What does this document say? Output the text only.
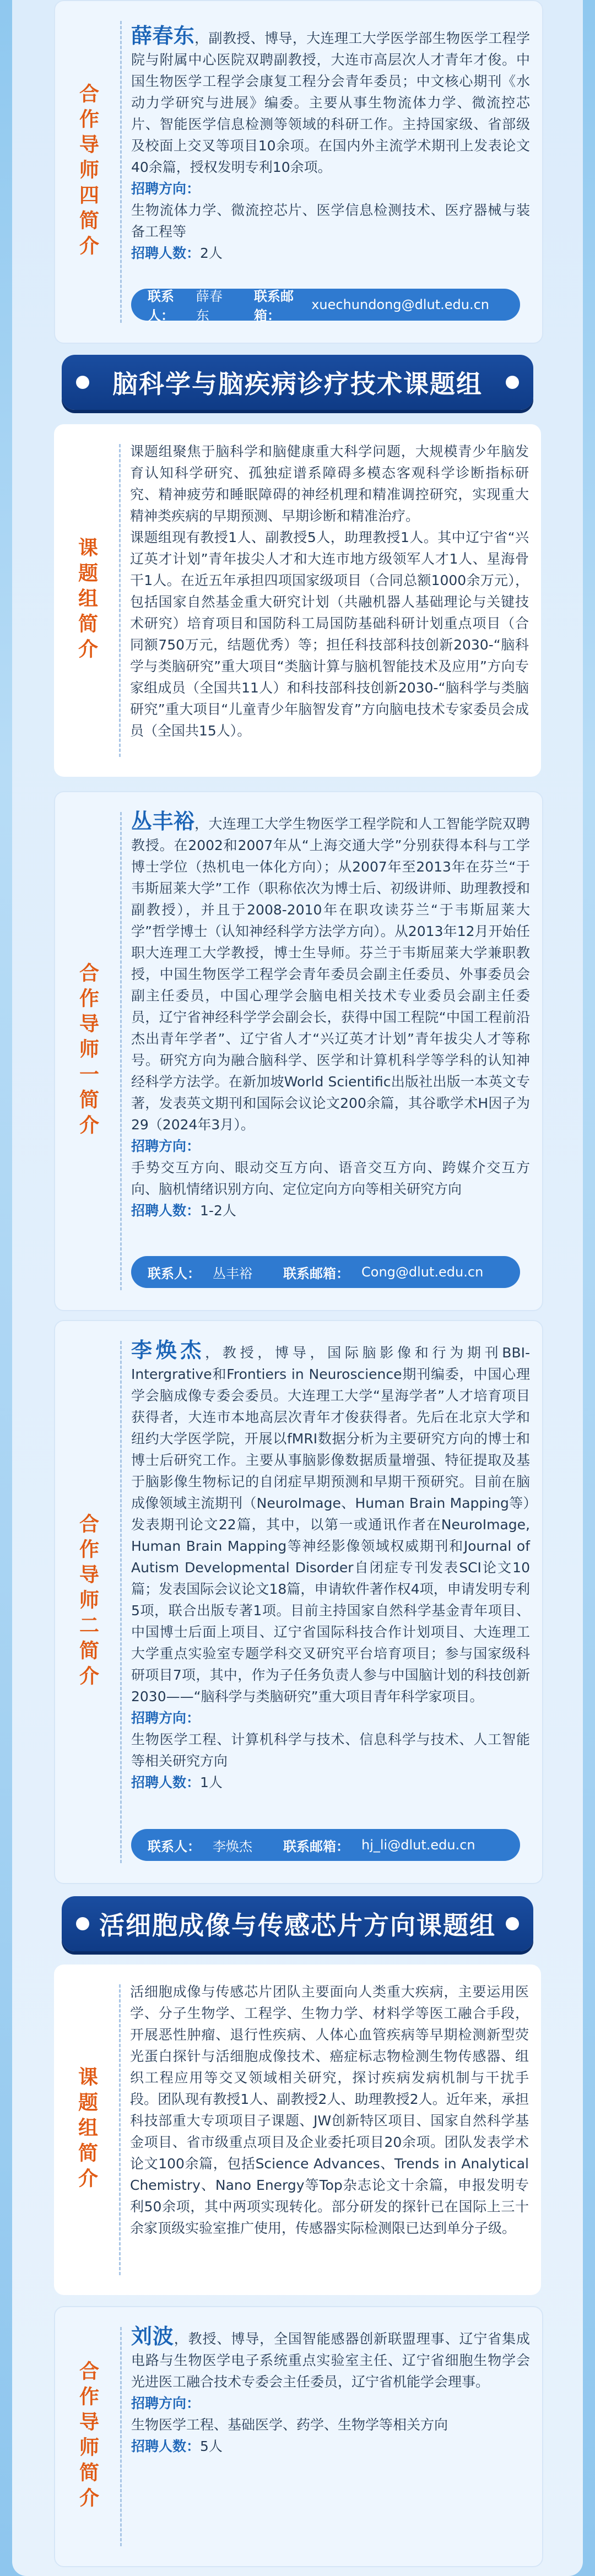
合作导师四简介

薛春东，副教授、博导，大连理工大学医学部生物医学工程学院与附属中心医院双聘副教授，大连市高层次人才青年才俊。中国生物医学工程学会康复工程分会青年委员；中文核心期刊《水动力学研究与进展》编委。主要从事生物流体力学、微流控芯片、智能医学信息检测等领域的科研工作。主持国家级、省部级及校面上交叉等项目10余项。在国内外主流学术期刊上发表论文40余篇，授权发明专利10余项。

招聘方向：

生物流体力学、微流控芯片、医学信息检测技术、医疗器械与装备工程等

招聘人数：2人

联系人：
薛春东
联系邮箱：
xuechundong@dlut.edu.cn
脑科学与脑疾病诊疗技术课题组
课题组简介

课题组聚焦于脑科学和脑健康重大科学问题，大规模青少年脑发育认知科学研究、孤独症谱系障碍多模态客观科学诊断指标研究、精神疲劳和睡眠障碍的神经机理和精准调控研究，实现重大精神类疾病的早期预测、早期诊断和精准治疗。

课题组现有教授1人、副教授5人，助理教授1人。其中辽宁省“兴辽英才计划”青年拔尖人才和大连市地方级领军人才1人、星海骨干1人。在近五年承担四项国家级项目（合同总额1000余万元），包括国家自然基金重大研究计划（共融机器人基础理论与关键技术研究）培育项目和国防科工局国防基础科研计划重点项目（合同额750万元，结题优秀）等；担任科技部科技创新2030-“脑科学与类脑研究”重大项目“类脑计算与脑机智能技术及应用”方向专家组成员（全国共11人）和科技部科技创新2030-“脑科学与类脑研究”重大项目“儿童青少年脑智发育”方向脑电技术专家委员会成员（全国共15人）。

合作导师一简介

丛丰裕，大连理工大学生物医学工程学院和人工智能学院双聘教授。在2002和2007年从“上海交通大学”分别获得本科与工学博士学位（热机电一体化方向）；从2007年至2013年在芬兰“于韦斯屈莱大学”工作（职称依次为博士后、初级讲师、助理教授和副教授），并且于2008-2010年在职攻读芬兰“于韦斯屈莱大学”哲学博士（认知神经科学方法学方向）。从2013年12月开始任职大连理工大学教授，博士生导师。芬兰于韦斯屈莱大学兼职教授，中国生物医学工程学会青年委员会副主任委员、外事委员会副主任委员，中国心理学会脑电相关技术专业委员会副主任委员，辽宁省神经科学学会副会长，获得中国工程院“中国工程前沿杰出青年学者”、辽宁省人才“兴辽英才计划”青年拔尖人才等称号。研究方向为融合脑科学、医学和计算机科学等学科的认知神经科学方法学。在新加坡World Scientific出版社出版一本英文专著，发表英文期刊和国际会议论文200余篇，其谷歌学术H因子为29（2024年3月）。

招聘方向：

手势交互方向、眼动交互方向、语音交互方向、跨媒介交互方向、脑机情绪识别方向、定位定向方向等相关研究方向

招聘人数：1-2人

联系人： 丛丰裕 联系邮箱： Cong@dlut.edu.cn
合作导师二简介

李焕杰，教授，博导，国际脑影像和行为期刊BBI-Intergrative和Frontiers in Neuroscience期刊编委，中国心理学会脑成像专委会委员。大连理工大学“星海学者”人才培育项目获得者，大连市本地高层次青年才俊获得者。先后在北京大学和纽约大学医学院，开展以fMRI数据分析为主要研究方向的博士和博士后研究工作。主要从事脑影像数据质量增强、特征提取及基于脑影像生物标记的自闭症早期预测和早期干预研究。目前在脑成像领域主流期刊（NeuroImage、Human Brain Mapping等）发表期刊论文22篇，其中，以第一或通讯作者在NeuroImage, Human Brain Mapping等神经影像领域权威期刊和Journal of Autism Developmental Disorder自闭症专刊发表SCI论文10篇；发表国际会议论文18篇，申请软件著作权4项，申请发明专利5项，联合出版专著1项。目前主持国家自然科学基金青年项目、中国博士后面上项目、辽宁省国际科技合作计划项目、大连理工大学重点实验室专题学科交叉研究平台培育项目；参与国家级科研项目7项，其中，作为子任务负责人参与中国脑计划的科技创新2030——“脑科学与类脑研究”重大项目青年科学家项目。

招聘方向：

生物医学工程、计算机科学与技术、信息科学与技术、人工智能等相关研究方向

招聘人数：1人

联系人： 李焕杰 联系邮箱： hj_li@dlut.edu.cn
活细胞成像与传感芯片方向课题组
课题组简介

活细胞成像与传感芯片团队主要面向人类重大疾病，主要运用医学、分子生物学、工程学、生物力学、材料学等医工融合手段，开展恶性肿瘤、退行性疾病、人体心血管疾病等早期检测新型荧光蛋白探针与活细胞成像技术、癌症标志物检测生物传感器、组织工程应用等交叉领域相关研究，探讨疾病发病机制与干扰手段。团队现有教授1人、副教授2人、助理教授2人。近年来，承担科技部重大专项项目子课题、JW创新特区项目、国家自然科学基金项目、省市级重点项目及企业委托项目20余项。团队发表学术论文100余篇，包括Science Advances、Trends in Analytical Chemistry、Nano Energy等Top杂志论文十余篇，申报发明专利50余项，其中两项实现转化。部分研发的探针已在国际上三十余家顶级实验室推广使用，传感器实际检测限已达到单分子级。

合作导师简介

刘波，教授、博导，全国智能感器创新联盟理事、辽宁省集成电路与生物医学电子系统重点实验室主任、辽宁省细胞生物学会光进医工融合技术专委会主任委员，辽宁省机能学会理事。

招聘方向：

生物医学工程、基础医学、药学、生物学等相关方向

招聘人数：5人
